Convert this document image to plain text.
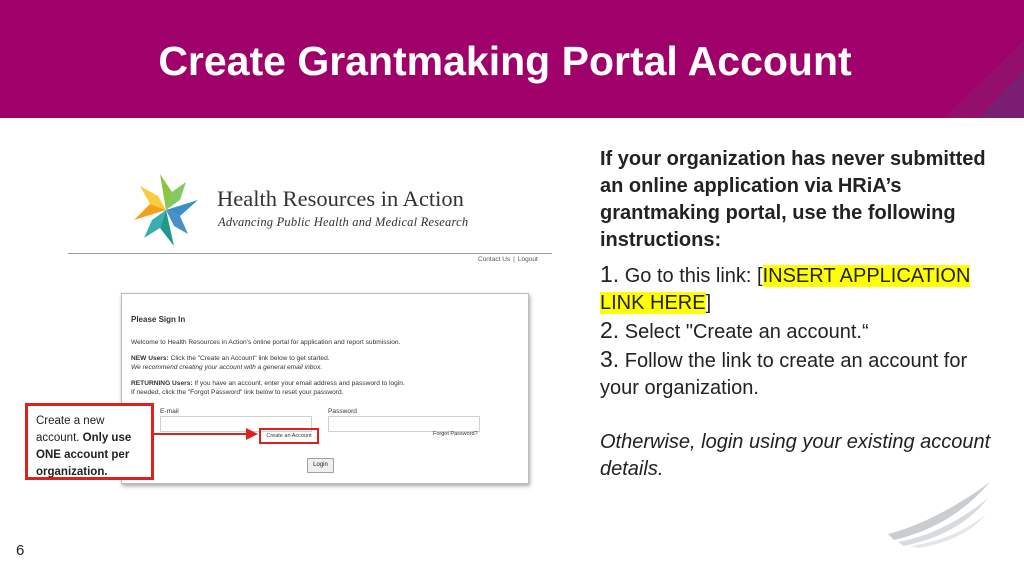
Create Grantmaking Portal Account
Health Resources in Action
Advancing Public Health and Medical Research
Contact Us | Logout
Please Sign In
Welcome to Health Resources in Action's online portal for application and report submission.
NEW Users: Click the "Create an Account" link below to get started.
We recommend creating your account with a general email inbox.
RETURNING Users: If you have an account, enter your email address and password to login.
If needed, click the "Forgot Password" link below to reset your password.
E-mail	Password
Create an Account	Forgot Password?
Login
Create a new
account. Only use
ONE account per
organization.
If your organization has never submitted an online application via HRiA’s grantmaking portal, use the following instructions:
1. Go to this link: [INSERT APPLICATION LINK HERE]
2. Select "Create an account.“
3. Follow the link to create an account for your organization.
Otherwise, login using your existing account details.
6
